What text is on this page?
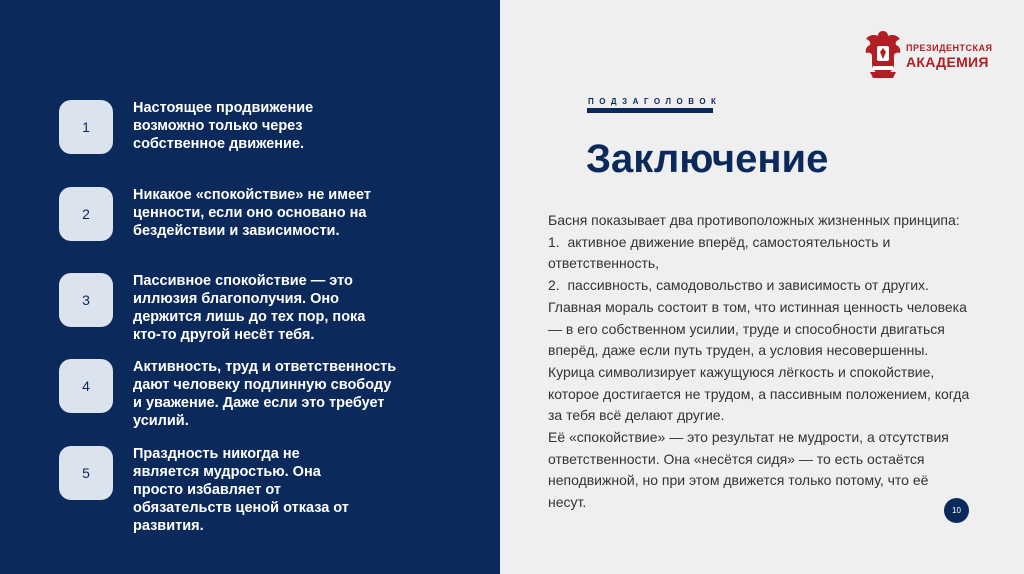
1
Настоящее продвижение
возможно только через
собственное движение.
2
Никакое «спокойствие» не имеет
ценности, если оно основано на
бездействии и зависимости.
3
Пассивное спокойствие — это
иллюзия благополучия. Оно
держится лишь до тех пор, пока
кто-то другой несёт тебя.
4
Активность, труд и ответственность
дают человеку подлинную свободу
и уважение. Даже если это требует
усилий.
5
Праздность никогда не
является мудростью. Она
просто избавляет от
обязательств ценой отказа от
развития.
ПРЕЗИДЕНТСКАЯ
АКАДЕМИЯ
ПОДЗАГОЛОВОК
Заключение
Басня показывает два противоположных жизненных принципа:
1.  активное движение вперёд, самостоятельность и
ответственность,
2.  пассивность, самодовольство и зависимость от других.
Главная мораль состоит в том, что истинная ценность человека
— в его собственном усилии, труде и способности двигаться
вперёд, даже если путь труден, а условия несовершенны.
Курица символизирует кажущуюся лёгкость и спокойствие,
которое достигается не трудом, а пассивным положением, когда
за тебя всё делают другие.
Её «спокойствие» — это результат не мудрости, а отсутствия
ответственности. Она «несётся сидя» — то есть остаётся
неподвижной, но при этом движется только потому, что её
несут.
10
